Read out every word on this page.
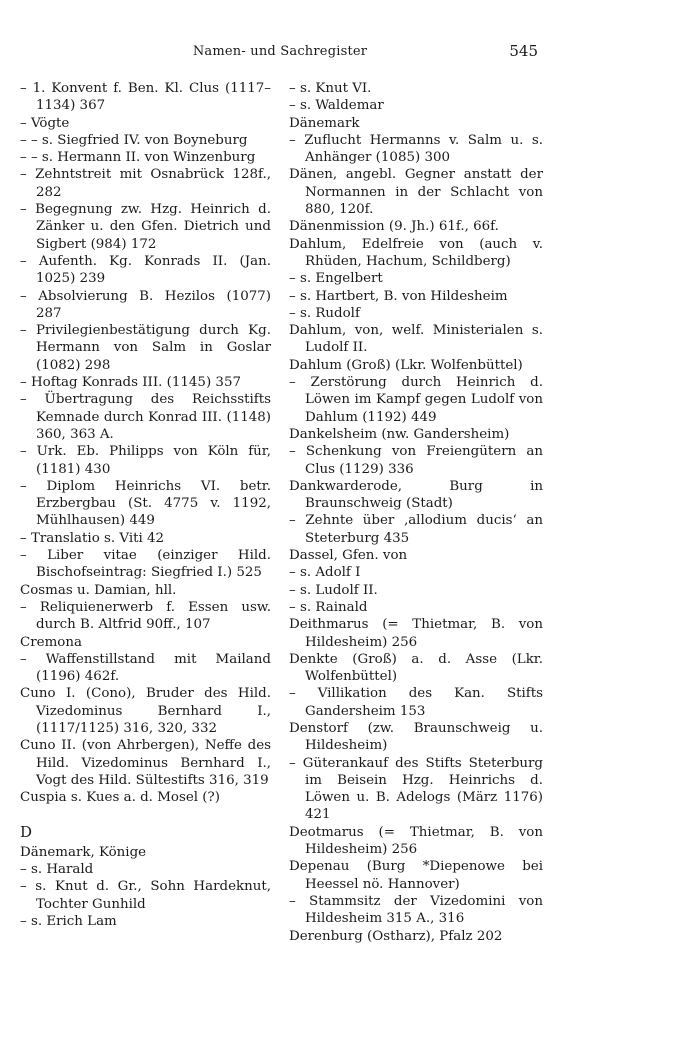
Namen- und Sachregister	545

– 1. Konvent f. Ben. Kl. Clus (1117–1134) 367

– Vögte

– – s. Siegfried IV. von Boyneburg

– – s. Hermann II. von Winzenburg

– Zehntstreit mit Osnabrück 128f., 282

– Begegnung zw. Hzg. Heinrich d. Zänker u. den Gfen. Dietrich und Sigbert (984) 172

– Aufenth. Kg. Konrads II. (Jan. 1025) 239

– Absolvierung B. Hezilos (1077) 287

– Privilegienbestätigung durch Kg. Hermann von Salm in Goslar (1082) 298

– Hoftag Konrads III. (1145) 357

– Übertragung des Reichsstifts Kemnade durch Konrad III. (1148) 360, 363 A.

– Urk. Eb. Philipps von Köln für, (1181) 430

– Diplom Heinrichs VI. betr. Erzbergbau (St. 4775 v. 1192, Mühlhausen) 449

– Translatio s. Viti 42

– Liber vitae (einziger Hild. Bischofseintrag: Siegfried I.) 525

Cosmas u. Damian, hll.

– Reliquienerwerb f. Essen usw. durch B. Altfrid 90ff., 107

Cremona

– Waffenstillstand mit Mailand (1196) 462f.

Cuno I. (Cono), Bruder des Hild. Vizedominus Bernhard I., (1117/1125) 316, 320, 332

Cuno II. (von Ahrbergen), Neffe des Hild. Vizedominus Bernhard I., Vogt des Hild. Sültestifts 316, 319

Cuspia s. Kues a. d. Mosel (?)

D

Dänemark, Könige

– s. Harald

– s. Knut d. Gr., Sohn Hardeknut, Tochter Gunhild

– s. Erich Lam

– s. Knut VI.

– s. Waldemar

Dänemark

– Zuflucht Hermanns v. Salm u. s. Anhänger (1085) 300

Dänen, angebl. Gegner anstatt der Normannen in der Schlacht von 880, 120f.

Dänenmission (9. Jh.) 61f., 66f.

Dahlum, Edelfreie von (auch v. Rhüden, Hachum, Schildberg)

– s. Engelbert

– s. Hartbert, B. von Hildesheim

– s. Rudolf

Dahlum, von, welf. Ministerialen s. Ludolf II.

Dahlum (Groß) (Lkr. Wolfenbüttel)

– Zerstörung durch Heinrich d. Löwen im Kampf gegen Ludolf von Dahlum (1192) 449

Dankelsheim (nw. Gandersheim)

– Schenkung von Freiengütern an Clus (1129) 336

Dankwarderode, Burg in Braunschweig (Stadt)

– Zehnte über ‚allodium ducis‘ an Steterburg 435

Dassel, Gfen. von

– s. Adolf I

– s. Ludolf II.

– s. Rainald

Deithmarus (= Thietmar, B. von Hildesheim) 256

Denkte (Groß) a. d. Asse (Lkr. Wolfenbüttel)

– Villikation des Kan. Stifts Gandersheim 153

Denstorf (zw. Braunschweig u. Hildesheim)

– Güterankauf des Stifts Steterburg im Beisein Hzg. Heinrichs d. Löwen u. B. Adelogs (März 1176) 421

Deotmarus (= Thietmar, B. von Hildesheim) 256

Depenau (Burg *Diepenowe bei Heessel nö. Hannover)

– Stammsitz der Vizedomini von Hildesheim 315 A., 316

Derenburg (Ostharz), Pfalz 202
